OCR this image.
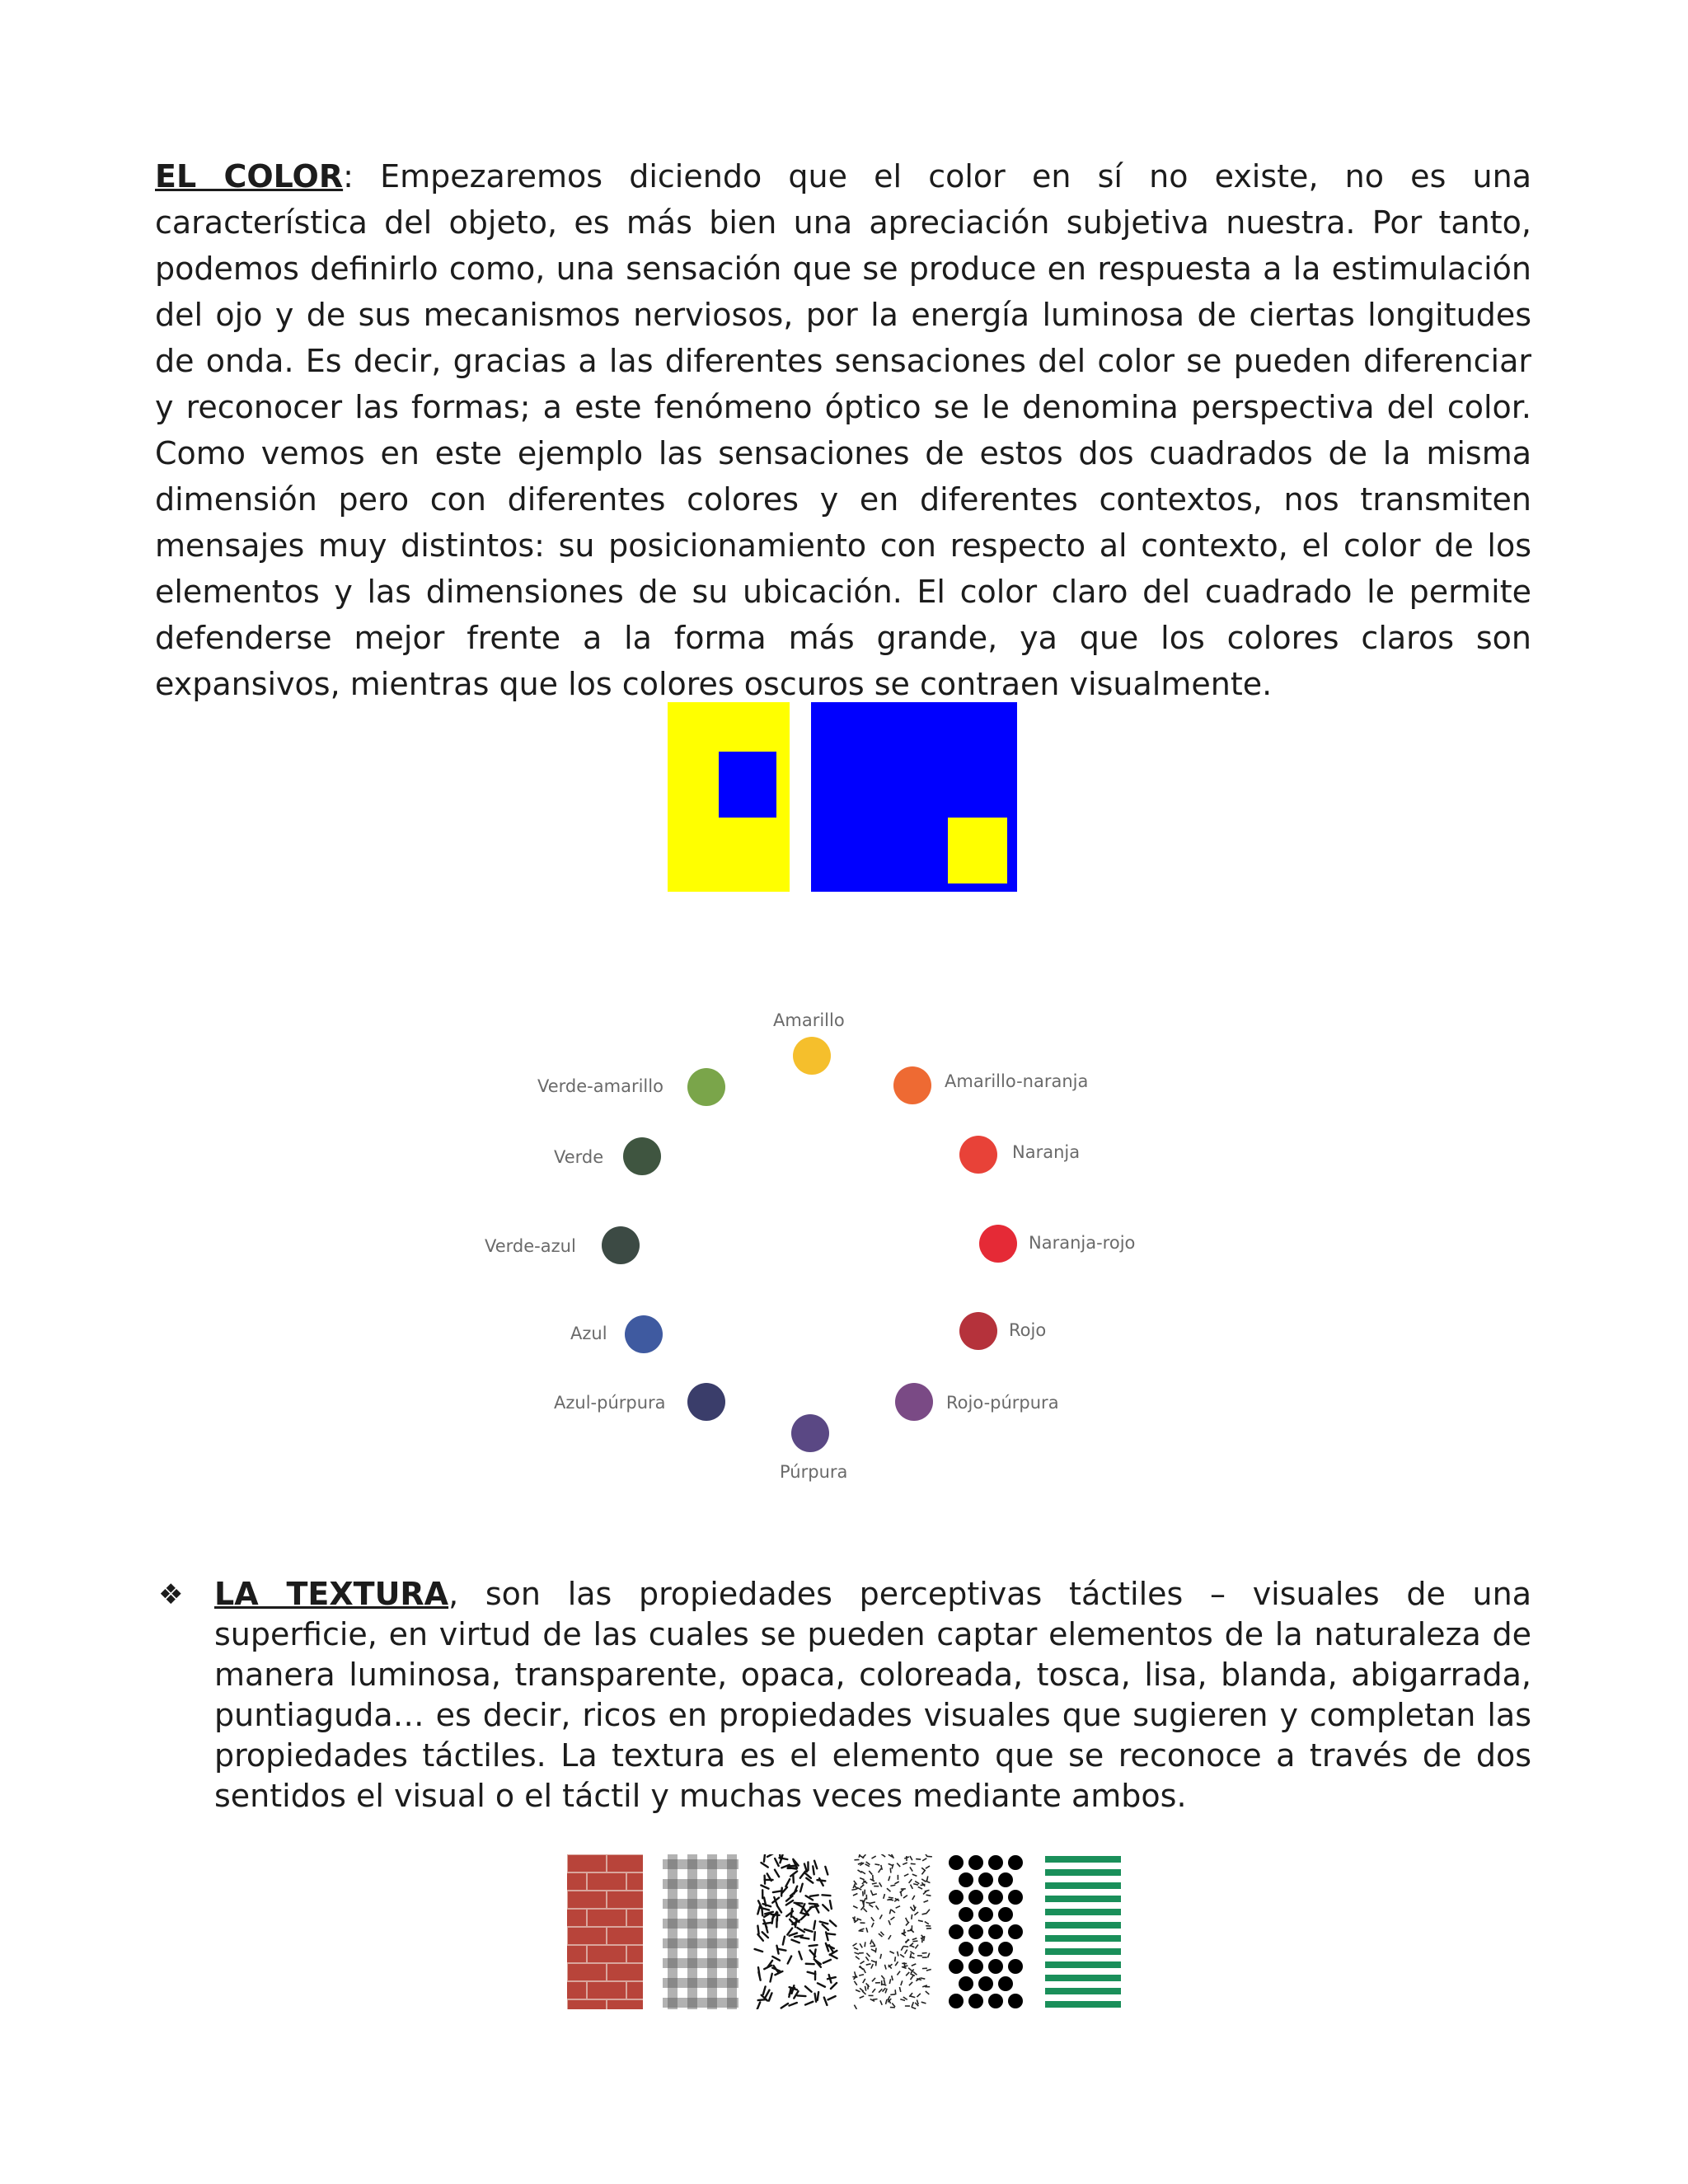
EL COLOR: Empezaremos diciendo que el color en sí no existe, no es una característica del objeto, es más bien una apreciación subjetiva nuestra. Por tanto, podemos definirlo como, una sensación que se produce en respuesta a la estimulación del ojo y de sus mecanismos nerviosos, por la energía luminosa de ciertas longitudes de onda. Es decir, gracias a las diferentes sensaciones del color se pueden diferenciar y reconocer las formas; a este fenómeno óptico se le denomina perspectiva del color. Como vemos en este ejemplo las sensaciones de estos dos cuadrados de la misma dimensión pero con diferentes colores y en diferentes contextos, nos transmiten mensajes muy distintos: su posicionamiento con respecto al contexto, el color de los elementos y las dimensiones de su ubicación. El color claro del cuadrado le permite defenderse mejor frente a la forma más grande, ya que los colores claros son expansivos, mientras que los colores oscuros se contraen visualmente.

Amarillo
Amarillo-naranja
Naranja
Naranja-rojo
Rojo
Rojo-púrpura
Púrpura
Azul-púrpura
Azul
Verde-azul
Verde
Verde-amarillo
❖ LA TEXTURA, son las propiedades perceptivas táctiles – visuales de una superficie, en virtud de las cuales se pueden captar elementos de la naturaleza de manera luminosa, transparente, opaca, coloreada, tosca, lisa, blanda, abigarrada, puntiaguda… es decir, ricos en propiedades visuales que sugieren y completan las propiedades táctiles. La textura es el elemento que se reconoce a través de dos sentidos el visual o el táctil y muchas veces mediante ambos.
